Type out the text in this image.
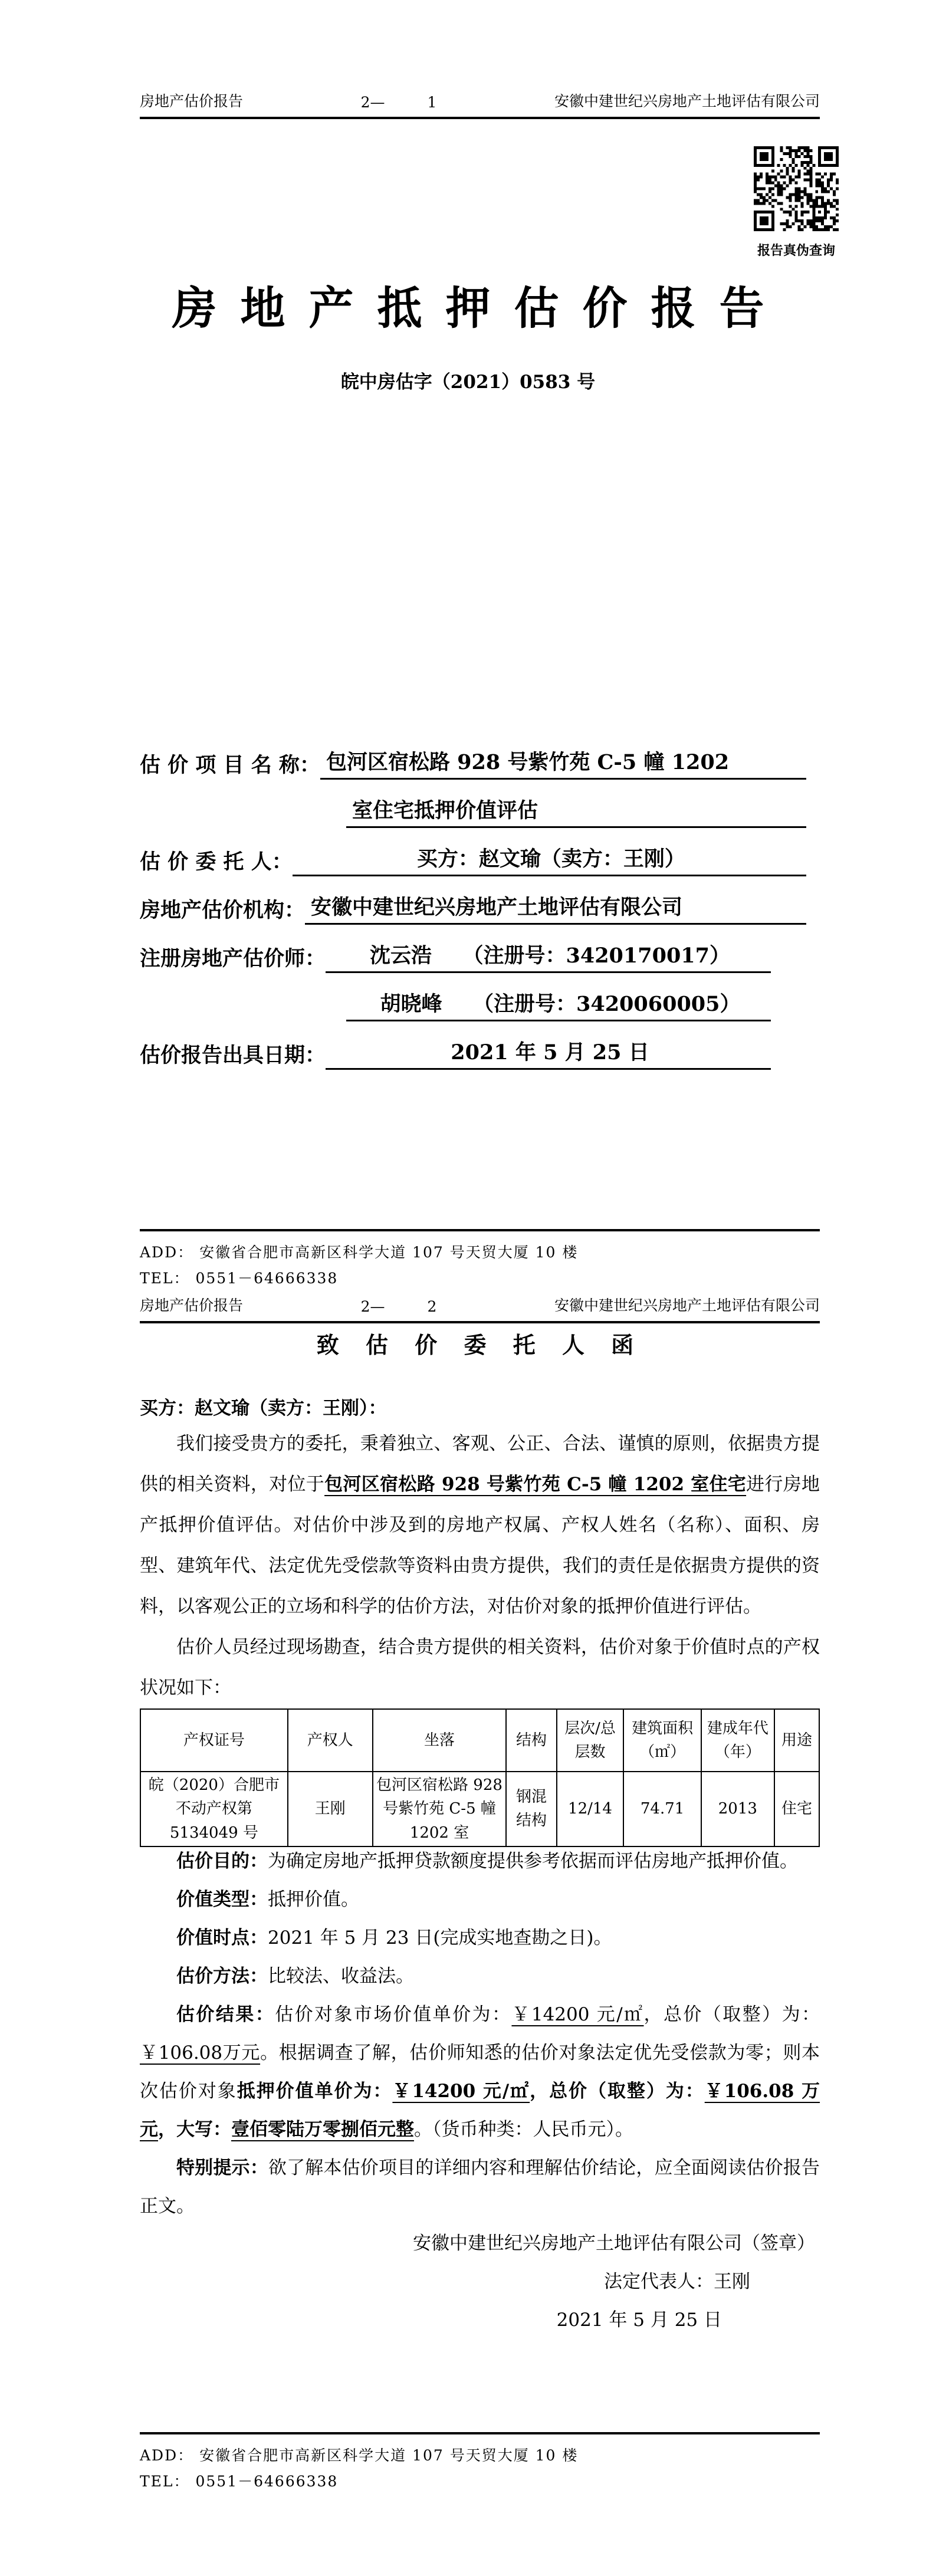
房地产估价报告	2—	1	安徽中建世纪兴房地产土地评估有限公司
报告真伪查询
房地产抵押估价报告
皖中房估字（2021）0583 号
估 价 项 目 名 称： 包河区宿松路 928 号紫竹苑 C-5 幢 1202
室住宅抵押价值评估
估 价 委 托 人：	买方：赵文瑜（卖方：王刚）
房地产估价机构： 安徽中建世纪兴房地产土地评估有限公司
注册房地产估价师：	沈云浩　　（注册号：3420170017）
胡晓峰　　（注册号：3420060005）
估价报告出具日期：	2021 年 5 月 25 日
ADD： 安徽省合肥市高新区科学大道 107 号天贸大厦 10 楼
TEL： 0551－64666338
房地产估价报告	2—	2	安徽中建世纪兴房地产土地评估有限公司
致 估 价 委 托 人 函
买方：赵文瑜（卖方：王刚）：

我们接受贵方的委托，秉着独立、客观、公正、合法、谨慎的原则，依据贵方提供的相关资料，对位于包河区宿松路 928 号紫竹苑 C-5 幢 1202 室住宅进行房地产抵押价值评估。对估价中涉及到的房地产权属、产权人姓名（名称）、面积、房型、建筑年代、法定优先受偿款等资料由贵方提供，我们的责任是依据贵方提供的资料，以客观公正的立场和科学的估价方法，对估价对象的抵押价值进行评估。

估价人员经过现场勘查，结合贵方提供的相关资料，估价对象于价值时点的产权状况如下：

产权证号	产权人	坐落	结构	层次/总层数	建筑面积（㎡）	建成年代（年）	用途
皖（2020）合肥市不动产权第 5134049 号	王刚	包河区宿松路 928 号紫竹苑 C-5 幢 1202 室	钢混结构	12/14	74.71	2013	住宅

估价目的：为确定房地产抵押贷款额度提供参考依据而评估房地产抵押价值。

价值类型：抵押价值。

价值时点：2021 年 5 月 23 日(完成实地查勘之日)。

估价方法：比较法、收益法。

估价结果：估价对象市场价值单价为：￥14200 元/㎡，总价（取整）为：￥106.08万元。根据调查了解，估价师知悉的估价对象法定优先受偿款为零；则本次估价对象抵押价值单价为：￥14200 元/㎡，总价（取整）为：￥106.08 万元，大写：壹佰零陆万零捌佰元整。（货币种类：人民币元）。

特别提示：欲了解本估价项目的详细内容和理解估价结论，应全面阅读估价报告正文。

安徽中建世纪兴房地产土地评估有限公司（签章）
法定代表人：王刚
2021 年 5 月 25 日
ADD： 安徽省合肥市高新区科学大道 107 号天贸大厦 10 楼
TEL： 0551－64666338
